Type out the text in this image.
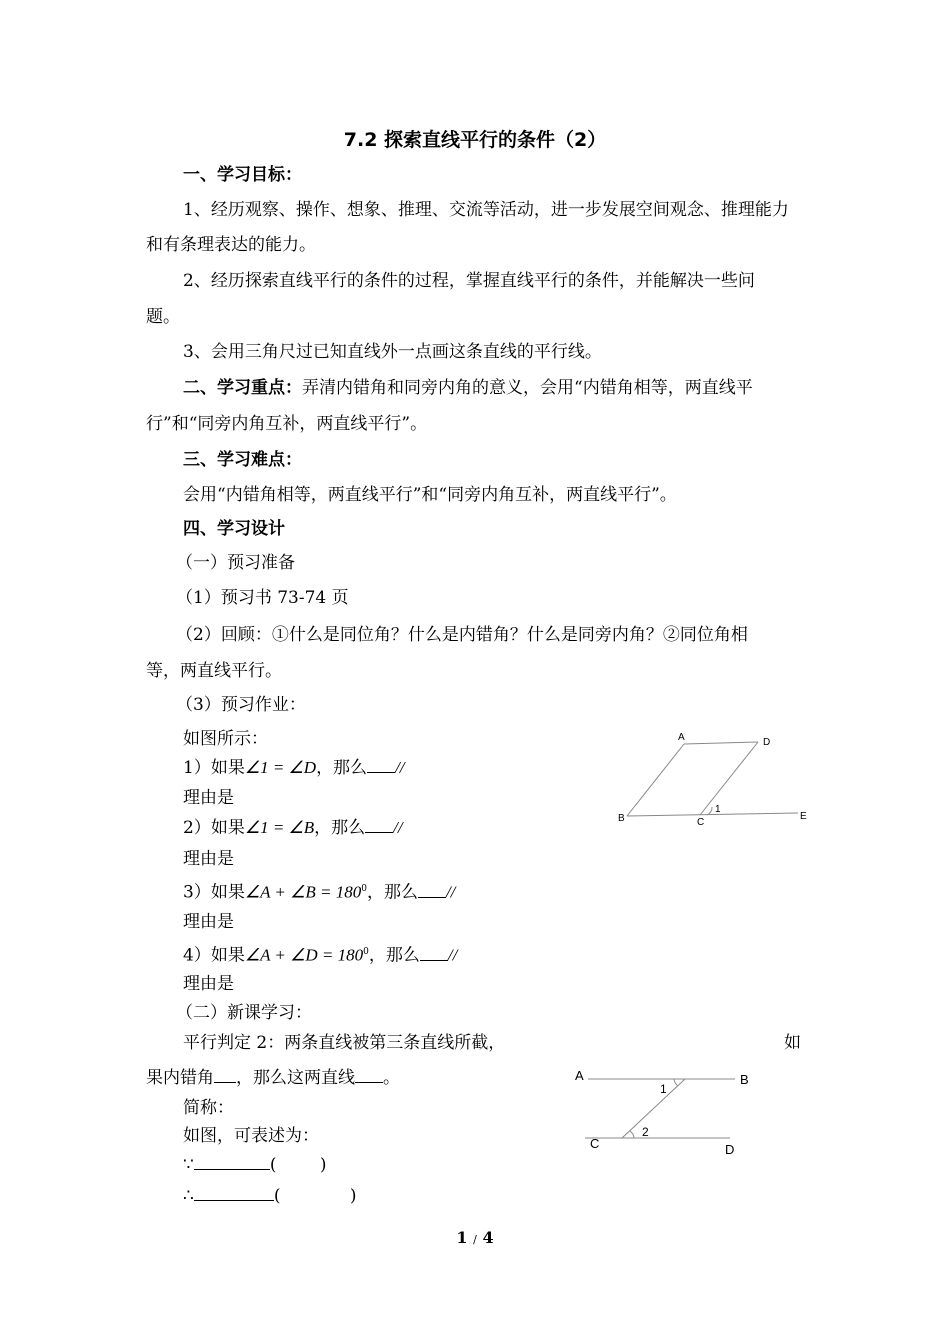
7.2 探索直线平行的条件（2）
一、学习目标：
1、经历观察、操作、想象、推理、交流等活动，进一步发展空间观念、推理能力
和有条理表达的能力。
2、经历探索直线平行的条件的过程，掌握直线平行的条件，并能解决一些问
题。
3、会用三角尺过已知直线外一点画这条直线的平行线。
二、学习重点：弄清内错角和同旁内角的意义，会用“内错角相等，两直线平
行”和“同旁内角互补，两直线平行”。
三、学习难点：
会用“内错角相等，两直线平行”和“同旁内角互补，两直线平行”。
四、学习设计
（一）预习准备
（1）预习书 73-74 页
（2）回顾：①什么是同位角？什么是内错角？什么是同旁内角？②同位角相
等，两直线平行。
（3）预习作业：
如图所示：
1）如果∠1 = ∠D，那么 //
理由是
2）如果∠1 = ∠B，那么 //
理由是
3）如果∠A + ∠B = $180^0$，那么 //
理由是
4）如果∠A + ∠D = $180^0$，那么 //
理由是
（二）新课学习：
平行判定 2：两条直线被第三条直线所截，	如
果内错角 ，那么这两直线 。
简称：
如图，可表述为：
∵	(	)
∴	(	)
A	D
B	C
E
1
A	B
C	D
1
2
1 / 4
